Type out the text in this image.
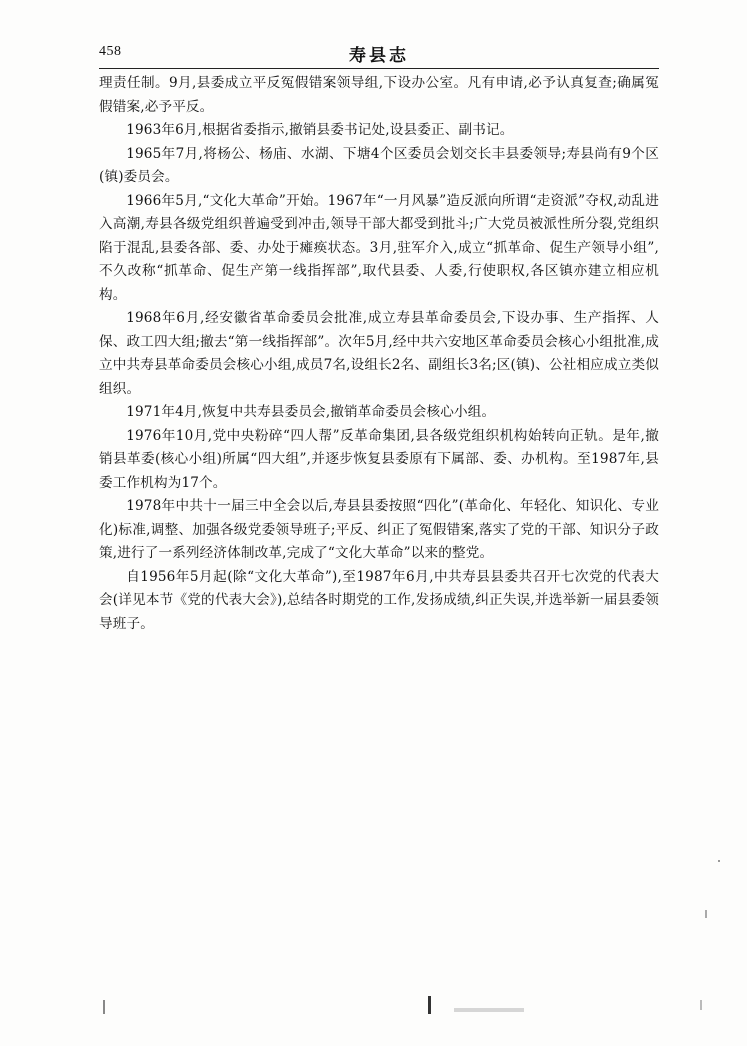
458	寿县志

理责任制。9月,县委成立平反冤假错案领导组,下设办公室。凡有申请,必予认真复查;确属冤假错案,必予平反。

1963年6月,根据省委指示,撤销县委书记处,设县委正、副书记。

1965年7月,将杨公、杨庙、水湖、下塘4个区委员会划交长丰县委领导;寿县尚有9个区(镇)委员会。

1966年5月,“文化大革命”开始。1967年“一月风暴”造反派向所谓“走资派”夺权,动乱进入高潮,寿县各级党组织普遍受到冲击,领导干部大都受到批斗;广大党员被派性所分裂,党组织陷于混乱,县委各部、委、办处于瘫痪状态。3月,驻军介入,成立“抓革命、促生产领导小组”,不久改称“抓革命、促生产第一线指挥部”,取代县委、人委,行使职权,各区镇亦建立相应机构。

1968年6月,经安徽省革命委员会批准,成立寿县革命委员会,下设办事、生产指挥、人保、政工四大组;撤去“第一线指挥部”。次年5月,经中共六安地区革命委员会核心小组批准,成立中共寿县革命委员会核心小组,成员7名,设组长2名、副组长3名;区(镇)、公社相应成立类似组织。

1971年4月,恢复中共寿县委员会,撤销革命委员会核心小组。

1976年10月,党中央粉碎“四人帮”反革命集团,县各级党组织机构始转向正轨。是年,撤销县革委(核心小组)所属“四大组”,并逐步恢复县委原有下属部、委、办机构。至1987年,县委工作机构为17个。

1978年中共十一届三中全会以后,寿县县委按照“四化”(革命化、年轻化、知识化、专业化)标准,调整、加强各级党委领导班子;平反、纠正了冤假错案,落实了党的干部、知识分子政策,进行了一系列经济体制改革,完成了“文化大革命”以来的整党。

自1956年5月起(除“文化大革命”),至1987年6月,中共寿县县委共召开七次党的代表大会(详见本节《党的代表大会》),总结各时期党的工作,发扬成绩,纠正失误,并选举新一届县委领导班子。
